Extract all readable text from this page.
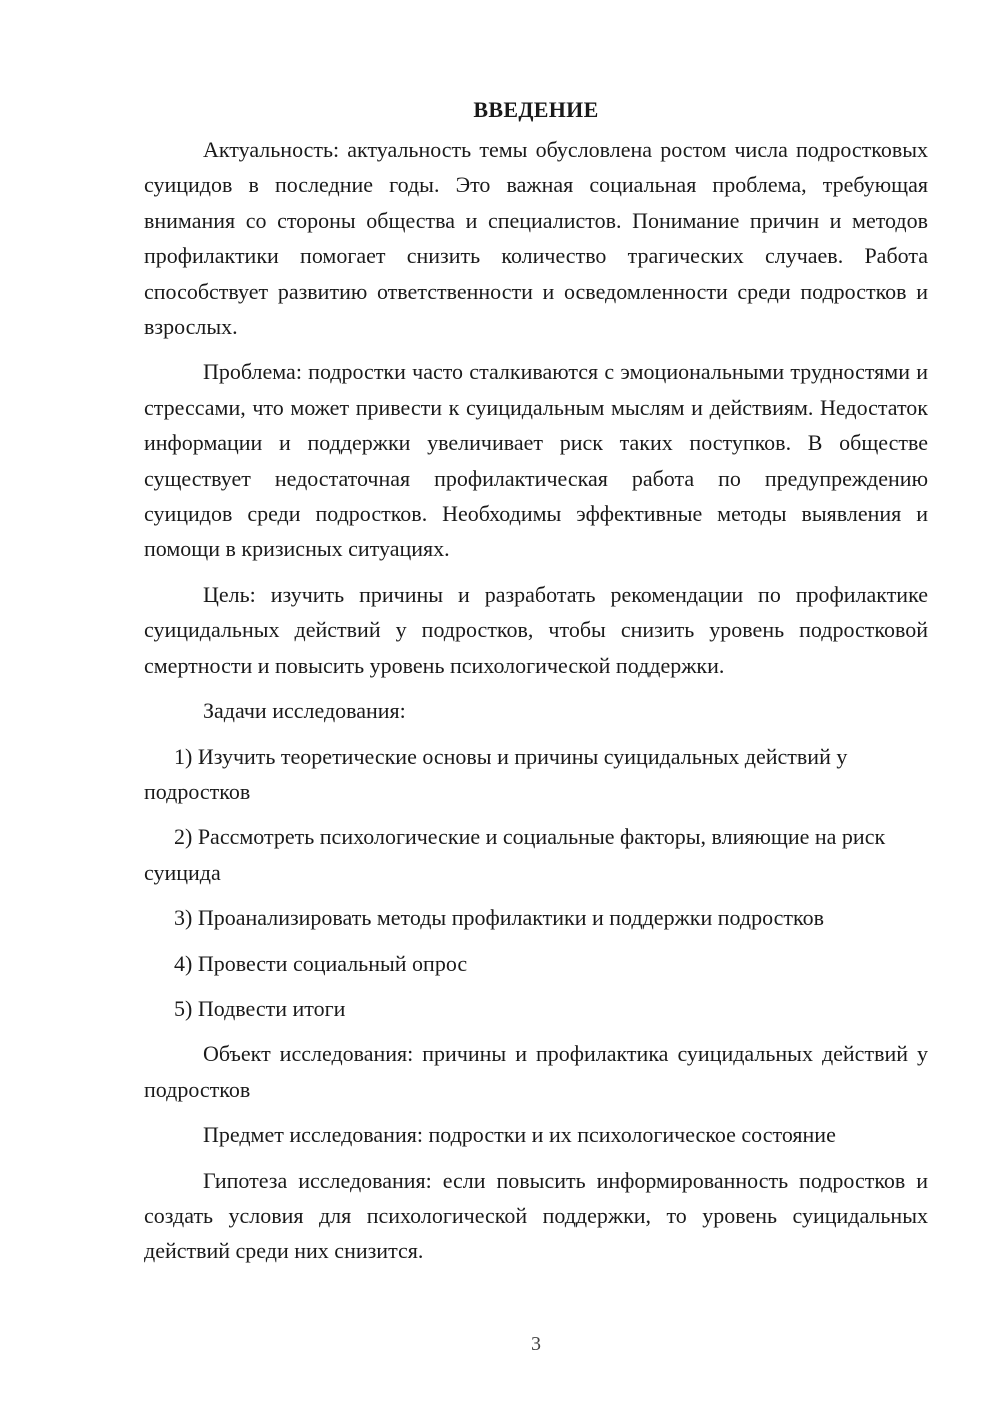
ВВЕДЕНИЕ
Актуальность: актуальность темы обусловлена ростом числа подростковых суицидов в последние годы. Это важная социальная проблема, требующая внимания со стороны общества и специалистов. Понимание причин и методов профилактики помогает снизить количество трагических случаев. Работа способствует развитию ответственности и осведомленности среди подростков и взрослых.
Проблема: подростки часто сталкиваются с эмоциональными трудностями и стрессами, что может привести к суицидальным мыслям и действиям. Недостаток информации и поддержки увеличивает риск таких поступков. В обществе существует недостаточная профилактическая работа по предупреждению суицидов среди подростков. Необходимы эффективные методы выявления и помощи в кризисных ситуациях.
Цель: изучить причины и разработать рекомендации по профилактике суицидальных действий у подростков, чтобы снизить уровень подростковой смертности и повысить уровень психологической поддержки.
Задачи исследования:
1) Изучить теоретические основы и причины суицидальных действий у подростков
2) Рассмотреть психологические и социальные факторы, влияющие на риск суицида
3) Проанализировать методы профилактики и поддержки подростков
4) Провести социальный опрос
5) Подвести итоги
Объект исследования: причины и профилактика суицидальных действий у подростков
Предмет исследования: подростки и их психологическое состояние
Гипотеза исследования: если повысить информированность подростков и создать условия для психологической поддержки, то уровень суицидальных действий среди них снизится.
3
